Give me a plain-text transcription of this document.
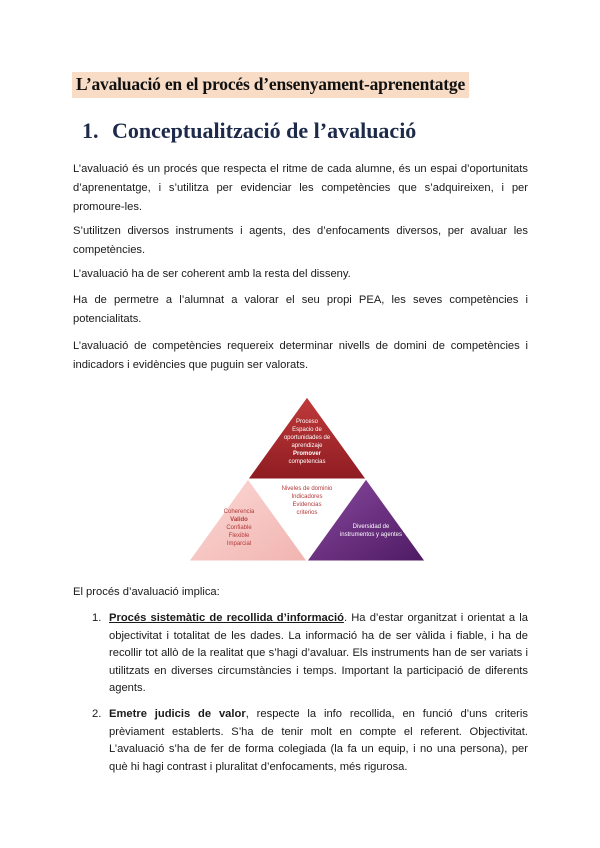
L’avaluació en el procés d’ensenyament-aprenentatge
1. Conceptualització de l’avaluació

L’avaluació és un procés que respecta el ritme de cada alumne, és un espai d’oportunitats d’aprenentatge, i s’utilitza per evidenciar les competències que s’adquireixen, i per promoure-les.

S’utilitzen diversos instruments i agents, des d’enfocaments diversos, per avaluar les competències.

L’avaluació ha de ser coherent amb la resta del disseny.

Ha de permetre a l’alumnat a valorar el seu propi PEA, les seves competències i potencialitats.

L’avaluació de competències requereix determinar nivells de domini de competències i indicadors i evidències que puguin ser valorats.

Proceso
Espacio de
oportunidades de
aprendizaje
Promover
competencias
Niveles de dominio
Indicadores
Evidencias
criterios
Coherencia
Valido
Confiable
Flexible
Imparcial
Diversidad de
instrumentos y agentes

El procés d’avaluació implica:

1. Procés sistemàtic de recollida d’informació. Ha d’estar organitzat i orientat a la objectivitat i totalitat de les dades. La informació ha de ser vàlida i fiable, i ha de recollir tot allò de la realitat que s’hagi d’avaluar. Els instruments han de ser variats i utilitzats en diverses circumstàncies i temps. Important la participació de diferents agents.
2. Emetre judicis de valor, respecte la info recollida, en funció d’uns criteris prèviament establerts. S’ha de tenir molt en compte el referent. Objectivitat. L’avaluació s’ha de fer de forma colegiada (la fa un equip, i no una persona), per què hi hagi contrast i pluralitat d’enfocaments, més rigurosa.
